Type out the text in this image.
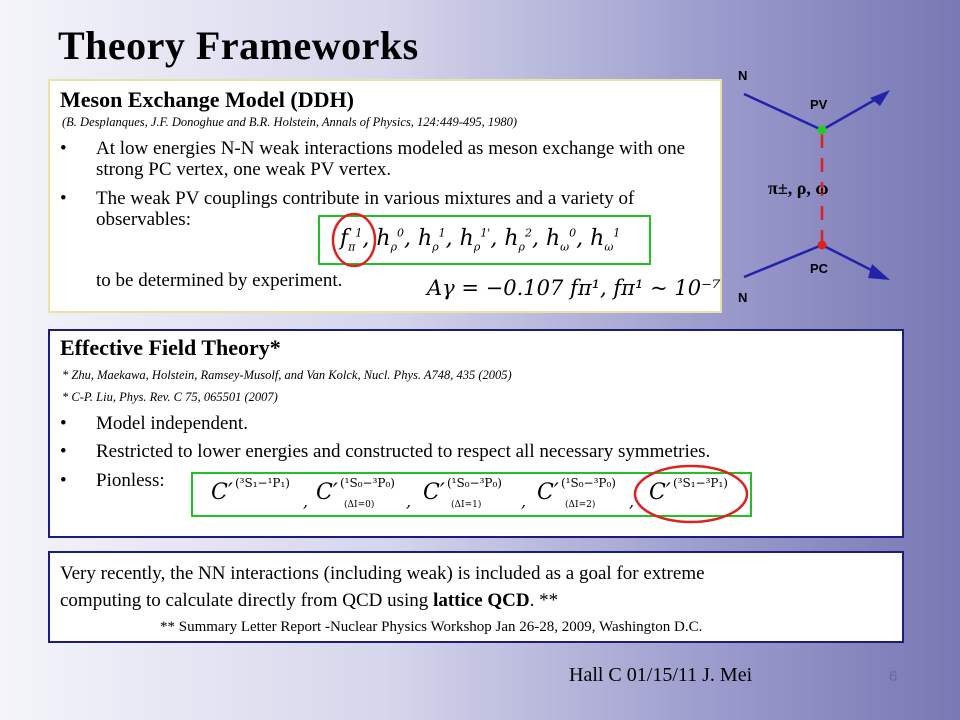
Theory Frameworks
Meson Exchange Model (DDH)
(B. Desplanques, J.F. Donoghue and B.R. Holstein, Annals of Physics, 124:449-495, 1980)
• At low energies N-N weak interactions modeled as meson exchange with one strong PC vertex, one weak PV vertex.
• The weak PV couplings contribute in various mixtures and a variety of observables:
to be determined by experiment.
$f_\pi^1$, $h_\rho^0$, $h_\rho^1$, $h_\rho^{1'}$, $h_\rho^2$, $h_\omega^0$, $h_\omega^1$
Aγ = −0.107 fπ¹, fπ¹ ~ 10⁻⁷
N
N
PV
PC
π±, ρ, ω
Effective Field Theory*
* Zhu, Maekawa, Holstein, Ramsey-Musolf, and Van Kolck, Nucl. Phys. A748, 435 (2005)
* C-P. Liu, Phys. Rev. C 75, 065501 (2007)
• Model independent.
• Restricted to lower energies and constructed to respect all necessary symmetries.
• Pionless: C′ (³S₁−¹P₁)
, C′ (¹S₀−³P₀)
(ΔI=0) , C′ (¹S₀−³P₀)
(ΔI=1) , C′ (¹S₀−³P₀)
(ΔI=2) , C′ (³S₁−³P₁)
Very recently, the NN interactions (including weak) is included as a goal for extreme
computing to calculate directly from QCD using lattice QCD. **
** Summary Letter Report -Nuclear Physics Workshop Jan 26-28, 2009, Washington D.C.
Hall C 01/15/11 J. Mei	6
